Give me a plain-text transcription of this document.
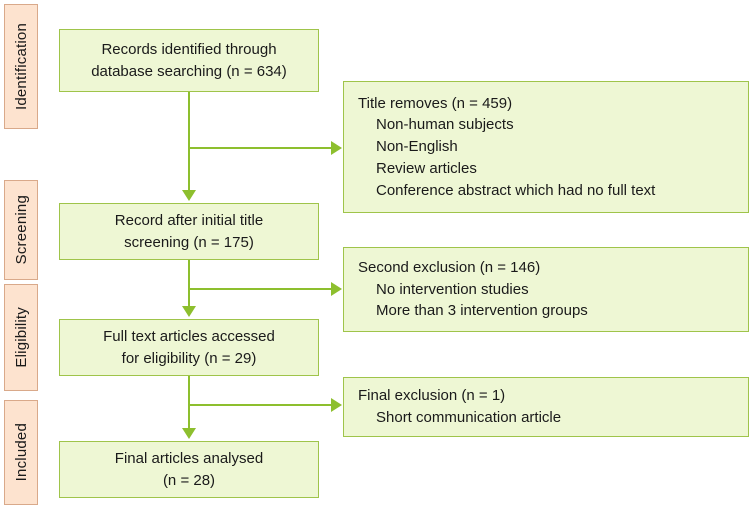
Identification
Screening
Eligibility
Included
Records identified through
database searching (n = 634)
Title removes (n = 459)
Non-human subjects
Non-English
Review articles
Conference abstract which had no full text
Record after initial title
screening (n = 175)
Second exclusion (n = 146)
No intervention studies
More than 3 intervention groups
Full text articles accessed
for eligibility (n = 29)
Final exclusion (n = 1)
Short communication article
Final articles analysed
(n = 28)
